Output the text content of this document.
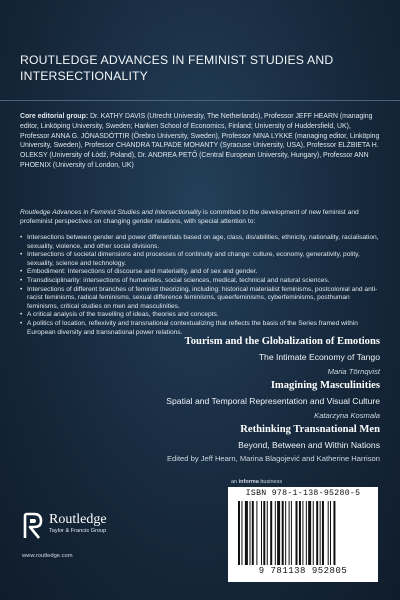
ROUTLEDGE ADVANCES IN FEMINIST STUDIES AND INTERSECTIONALITY
Core editorial group: Dr. KATHY DAVIS (Utrecht University, The Netherlands), Professor JEFF HEARN (managing editor, Linköping University, Sweden; Hanken School of Economics, Finland; University of Huddersfield, UK), Professor ANNA G. JÓNASDÓTTIR (Örebro University, Sweden), Professor NINA LYKKE (managing editor, Linköping University, Sweden), Professor CHANDRA TALPADE MOHANTY (Syracuse University, USA), Professor ELŻBIETA H. OLEKSY (University of Łódź, Poland), Dr. ANDREA PETŐ (Central European University, Hungary), Professor ANN PHOENIX (University of London, UK)
Routledge Advances in Feminist Studies and Intersectionality is committed to the development of new feminist and profeminist perspectives on changing gender relations, with special attention to:
• Intersections between gender and power differentials based on age, class, dis/abilities, ethnicity, nationality, racialisation, sexuality, violence, and other social divisions.
• Intersections of societal dimensions and processes of continuity and change: culture, economy, generativity, polity, sexuality, science and technology.
• Embodiment: Intersections of discourse and materiality, and of sex and gender.
• Transdisciplinarity: intersections of humanities, social sciences, medical, technical and natural sciences.
• Intersections of different branches of feminist theorizing, including: historical materialist feminisms, postcolonial and anti-racist feminisms, radical feminisms, sexual difference feminisms, queerfeminisms, cyberfeminisms, posthuman feminisms, critical studies on men and masculinities.
• A critical analysis of the travelling of ideas, theories and concepts.
• A politics of location, reflexivity and transnational contextualizing that reflects the basis of the Series framed within European diversity and transnational power relations.
Tourism and the Globalization of Emotions
The Intimate Economy of Tango
Maria Törnqvist
Imagining Masculinities
Spatial and Temporal Representation and Visual Culture
Katarzyna Kosmala
Rethinking Transnational Men
Beyond, Between and Within Nations
Edited by Jeff Hearn, Marina Blagojević and Katherine Harrison
an informa business
Routledge
Taylor & Francis Group
www.routledge.com
ISBN 978-1-138-95280-5
9 781138 952805
